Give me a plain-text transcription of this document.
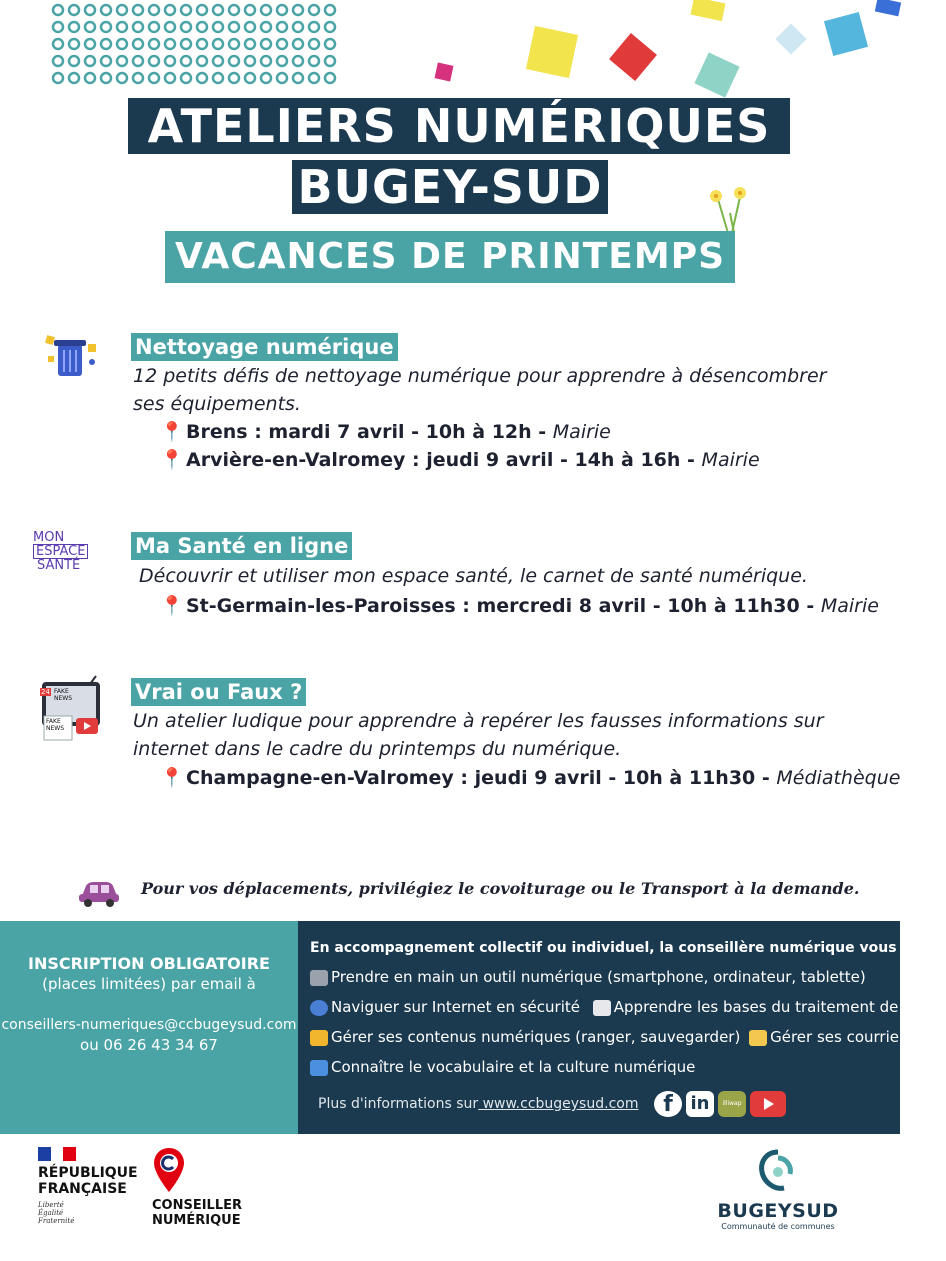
ATELIERS NUMÉRIQUES
BUGEY-SUD
VACANCES DE PRINTEMPS
Nettoyage numérique
12 petits défis de nettoyage numérique pour apprendre à désencombrer ses équipements.
📍 Brens : mardi 7 avril - 10h à 12h - Mairie
📍 Arvière-en-Valromey : jeudi 9 avril - 14h à 16h - Mairie
MON
ESPACE
SANTÉ
Ma Santé en ligne
Découvrir et utiliser mon espace santé, le carnet de santé numérique.
📍 St-Germain-les-Paroisses : mercredi 8 avril - 10h à 11h30 - Mairie
24 FAKE NEWS
FAKE NEWS
Vrai ou Faux ?
Un atelier ludique pour apprendre à repérer les fausses informations sur internet dans le cadre du printemps du numérique.
📍 Champagne-en-Valromey : jeudi 9 avril - 10h à 11h30 - Médiathèque
Pour vos déplacements, privilégiez le covoiturage ou le Transport à la demande.
INSCRIPTION OBLIGATOIRE
(places limitées) par email à
conseillers-numeriques@ccbugeysud.com
ou 06 26 43 34 67
En accompagnement collectif ou individuel, la conseillère numérique vous aide :
Prendre en main un outil numérique (smartphone, ordinateur, tablette)
Naviguer sur Internet en sécurité Apprendre les bases du traitement de texte
Gérer ses contenus numériques (ranger, sauvegarder) Gérer ses courriels
Connaître le vocabulaire et la culture numérique
Plus d'informations sur www.ccbugeysud.com	f in	illiwap
RÉPUBLIQUE
FRANÇAISE
Liberté
Égalité
Fraternité
CONSEILLER
NUMÉRIQUE	BUGEYSUD
Communauté de communes
